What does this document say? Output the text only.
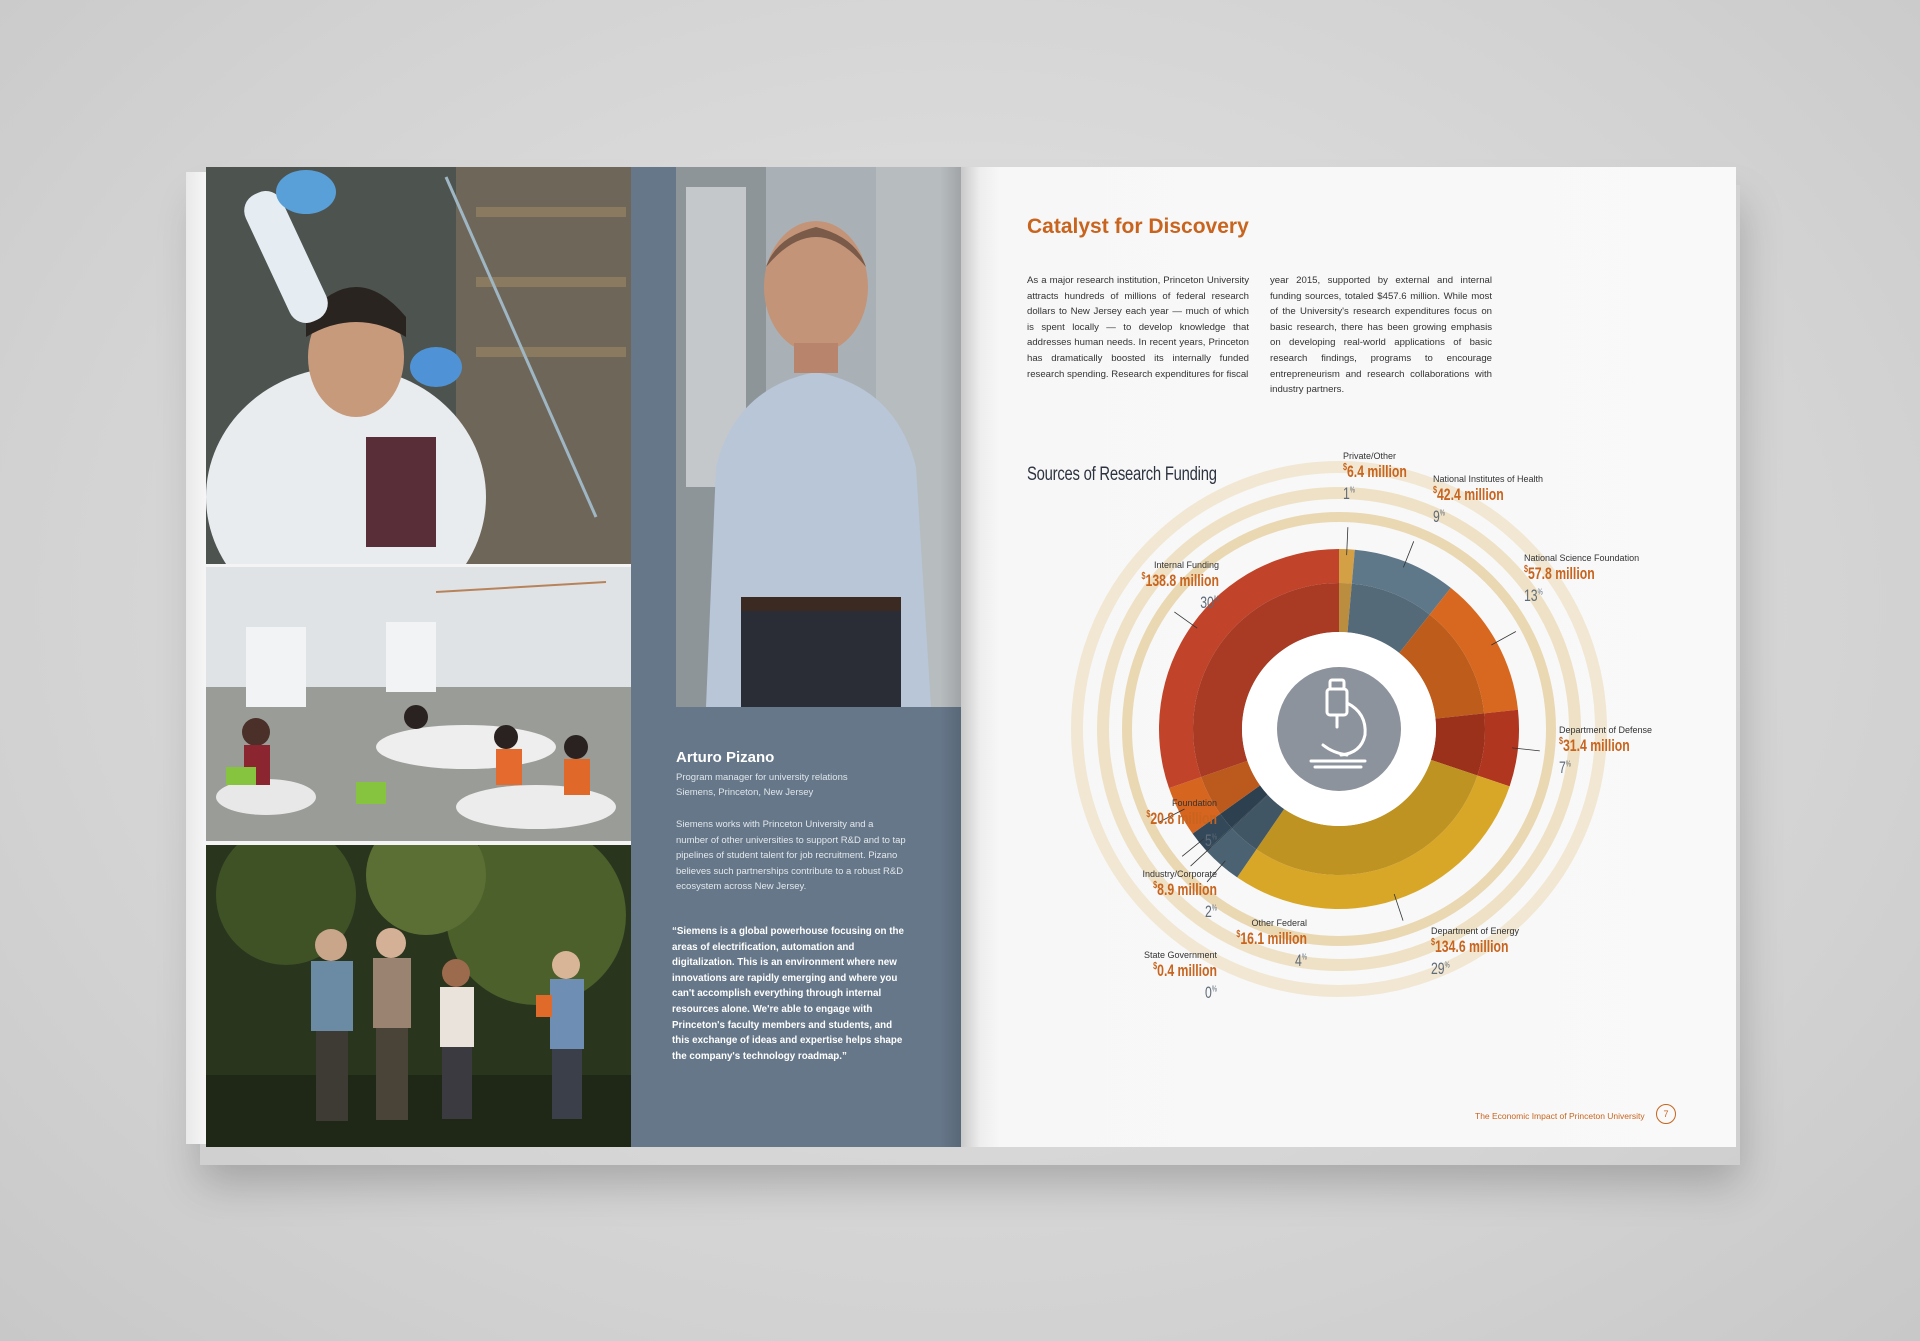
Arturo Pizano
Program manager for university relations
Siemens, Princeton, New Jersey
Siemens works with Princeton University and a number of other universities to support R&D and to tap pipelines of student talent for job recruitment. Pizano believes such partnerships contribute to a robust R&D ecosystem across New Jersey.
“Siemens is a global powerhouse focusing on the areas of electrification, automation and digitalization. This is an environment where new innovations are rapidly emerging and where you can't accomplish everything through internal resources alone. We're able to engage with Princeton's faculty members and students, and this exchange of ideas and expertise helps shape the company's technology roadmap.”
Catalyst for Discovery
As a major research institution, Princeton University attracts hundreds of millions of federal research dollars to New Jersey each year — much of which is spent locally — to develop knowledge that addresses human needs. In recent years, Princeton has dramatically boosted its internally funded research spending. Research expenditures for fiscal
year 2015, supported by external and internal funding sources, totaled $457.6 million. While most of the University's research expenditures focus on basic research, there has been growing emphasis on developing real-world applications of basic research findings, programs to encourage entrepreneurism and research collaborations with industry partners.
Sources of Research Funding
Private/Other
$6.4 million
1%
National Institutes of Health
$42.4 million
9%
National Science Foundation
$57.8 million
13%
Department of Defense
$31.4 million
7%
Department of Energy
$134.6 million
29%
Other Federal
$16.1 million
4%
State Government
$0.4 million
0%
Industry/Corporate
$8.9 million
2%
Foundation
$20.8 million
5%
Internal Funding
$138.8 million
30%
The Economic Impact of Princeton University	7
